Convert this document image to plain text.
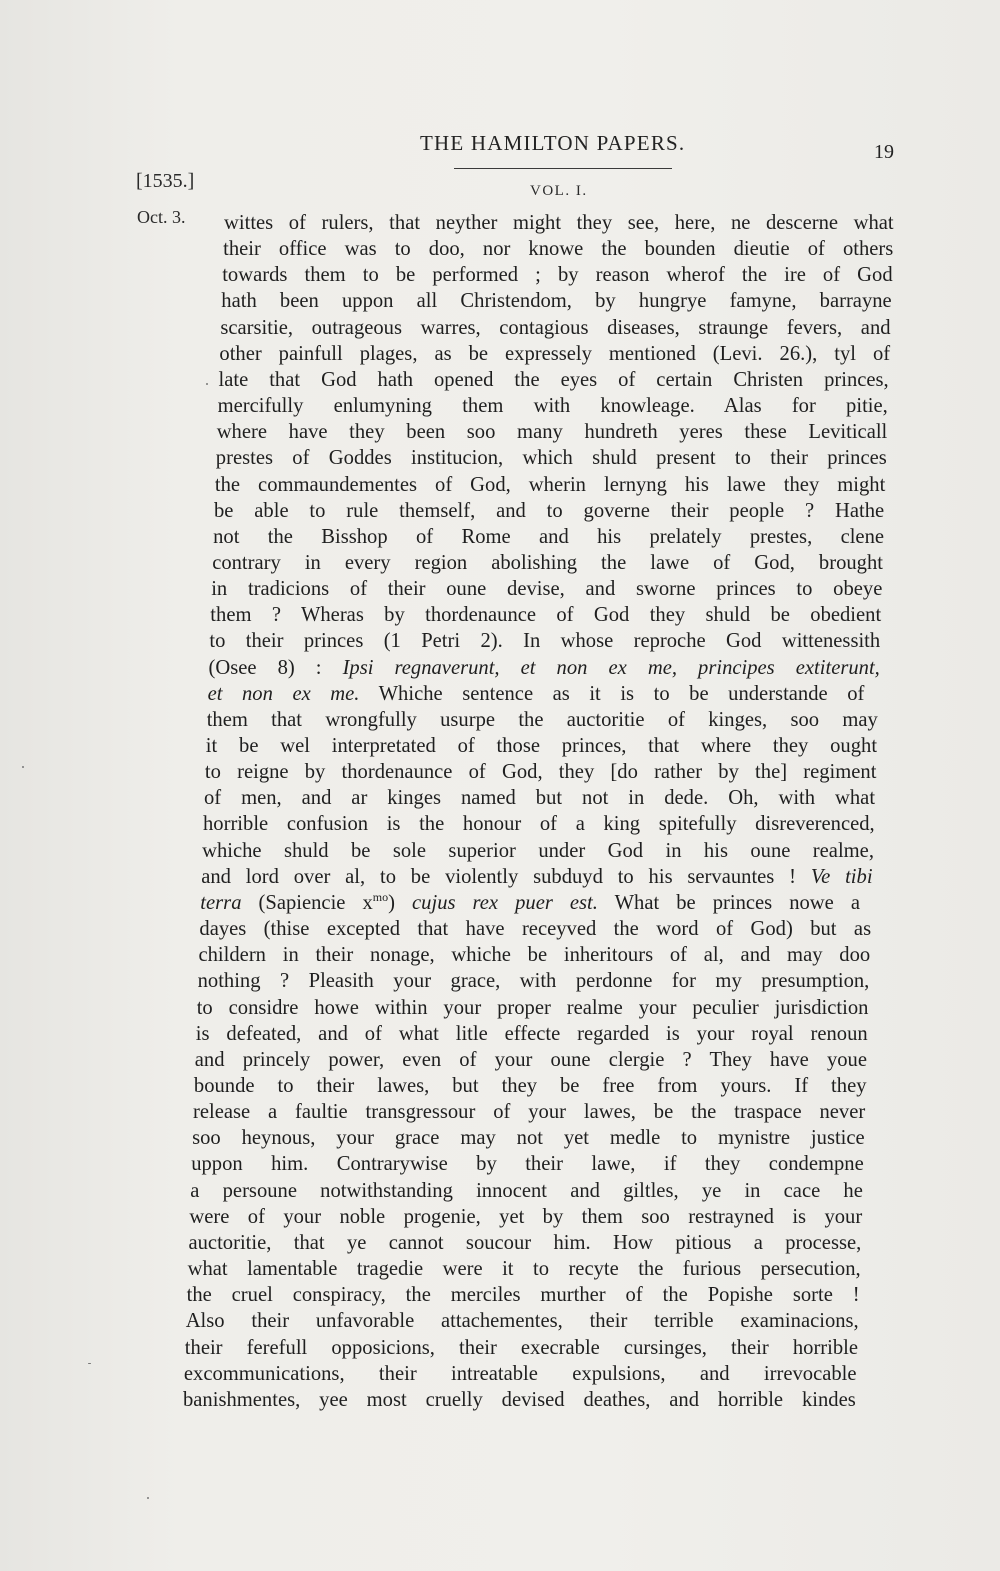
THE HAMILTON PAPERS.	19
[1535.]	VOL. I.
Oct. 3. wittes of rulers, that neyther might they see, here, ne descerne what
their office was to doo, nor knowe the bounden dieutie of others
towards them to be performed ; by reason wherof the ire of God
hath been uppon all Christendom, by hungrye famyne, barrayne
scarsitie, outrageous warres, contagious diseases, straunge fevers, and
other painfull plages, as be expressely mentioned (Levi. 26.), tyl of
late that God hath opened the eyes of certain Christen princes,
mercifully enlumyning them with knowleage. Alas for pitie,
where have they been soo many hundreth yeres these Leviticall
prestes of Goddes institucion, which shuld present to their princes
the commaundementes of God, wherin lernyng his lawe they might
be able to rule themself, and to governe their people ? Hathe
not the Bisshop of Rome and his prelately prestes, clene
contrary in every region abolishing the lawe of God, brought
in tradicions of their oune devise, and sworne princes to obeye
them ? Wheras by thordenaunce of God they shuld be obedient
to their princes (1 Petri 2). In whose reproche God wittenessith
(Osee 8) : Ipsi regnaverunt, et non ex me, principes extiterunt,
et non ex me. Whiche sentence as it is to be understande of
them that wrongfully usurpe the auctoritie of kinges, soo may
it be wel interpretated of those princes, that where they ought
to reigne by thordenaunce of God, they [do rather by the] regiment
of men, and ar kinges named but not in dede. Oh, with what
horrible confusion is the honour of a king spitefully disreverenced,
whiche shuld be sole superior under God in his oune realme,
and lord over al, to be violently subduyd to his servauntes ! Ve tibi
terra (Sapiencie $x^{mo}$) cujus rex puer est. What be princes nowe a
dayes (thise excepted that have receyved the word of God) but as
childern in their nonage, whiche be inheritours of al, and may doo
nothing ? Pleasith your grace, with perdonne for my presumption,
to considre howe within your proper realme your peculier jurisdiction
is defeated, and of what litle effecte regarded is your royal renoun
and princely power, even of your oune clergie ? They have youe
bounde to their lawes, but they be free from yours. If they
release a faultie transgressour of your lawes, be the traspace never
soo heynous, your grace may not yet medle to mynistre justice
uppon him. Contrarywise by their lawe, if they condempne
a persoune notwithstanding innocent and giltles, ye in cace he
were of your noble progenie, yet by them soo restrayned is your
auctoritie, that ye cannot soucour him. How pitious a processe,
what lamentable tragedie were it to recyte the furious persecution,
the cruel conspiracy, the merciles murther of the Popishe sorte !
Also their unfavorable attachementes, their terrible examinacions,
their ferefull opposicions, their execrable cursinges, their horrible
excommunications, their intreatable expulsions, and irrevocable
banishmentes, yee most cruelly devised deathes, and horrible kindes
